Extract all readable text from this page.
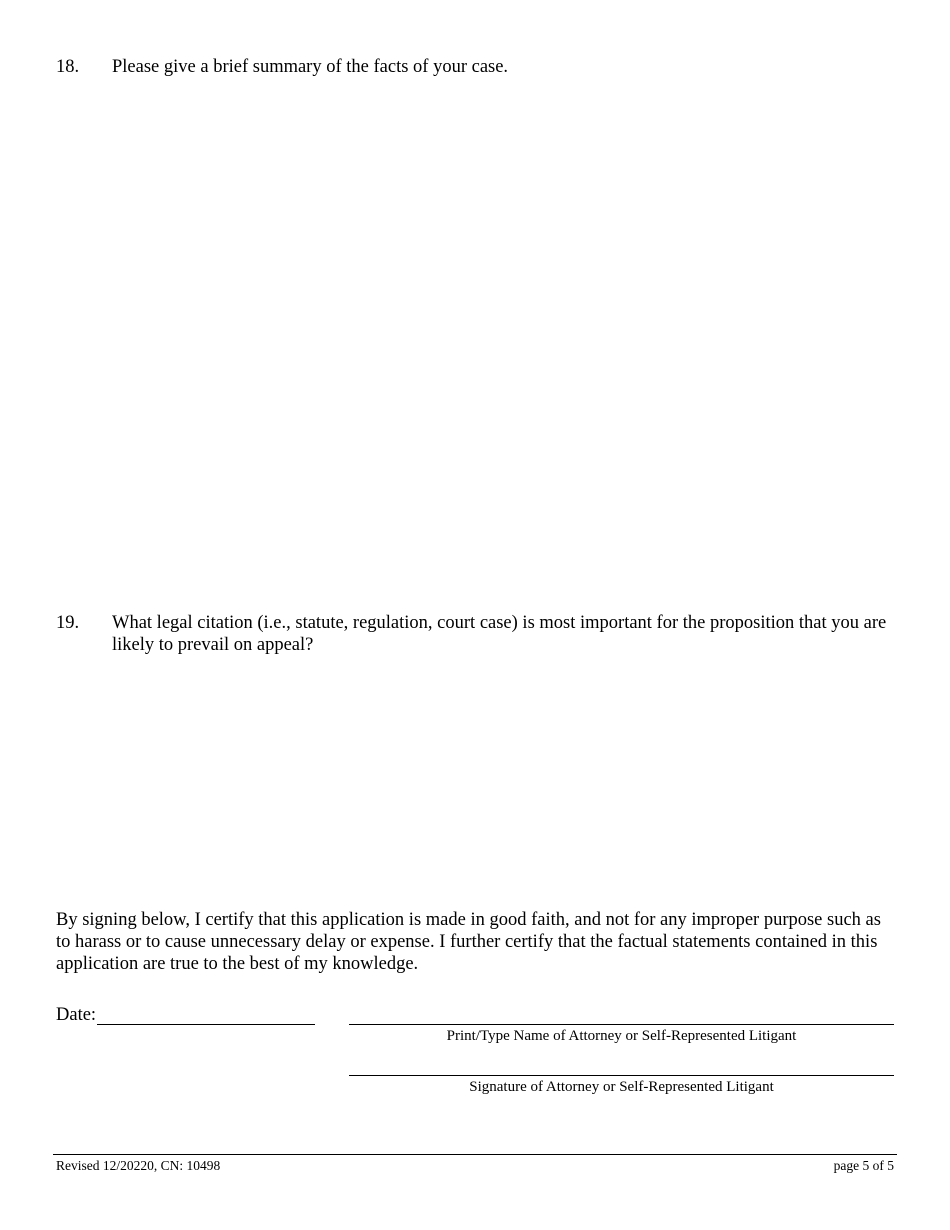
18. Please give a brief summary of the facts of your case.
19. What legal citation (i.e., statute, regulation, court case) is most important for the proposition that you are likely to prevail on appeal?
By signing below, I certify that this application is made in good faith, and not for any improper purpose such as to harass or to cause unnecessary delay or expense. I further certify that the factual statements contained in this application are true to the best of my knowledge.
Date:
Print/Type Name of Attorney or Self-Represented Litigant
Signature of Attorney or Self-Represented Litigant
Revised 12/20220, CN: 10498	page 5 of 5
